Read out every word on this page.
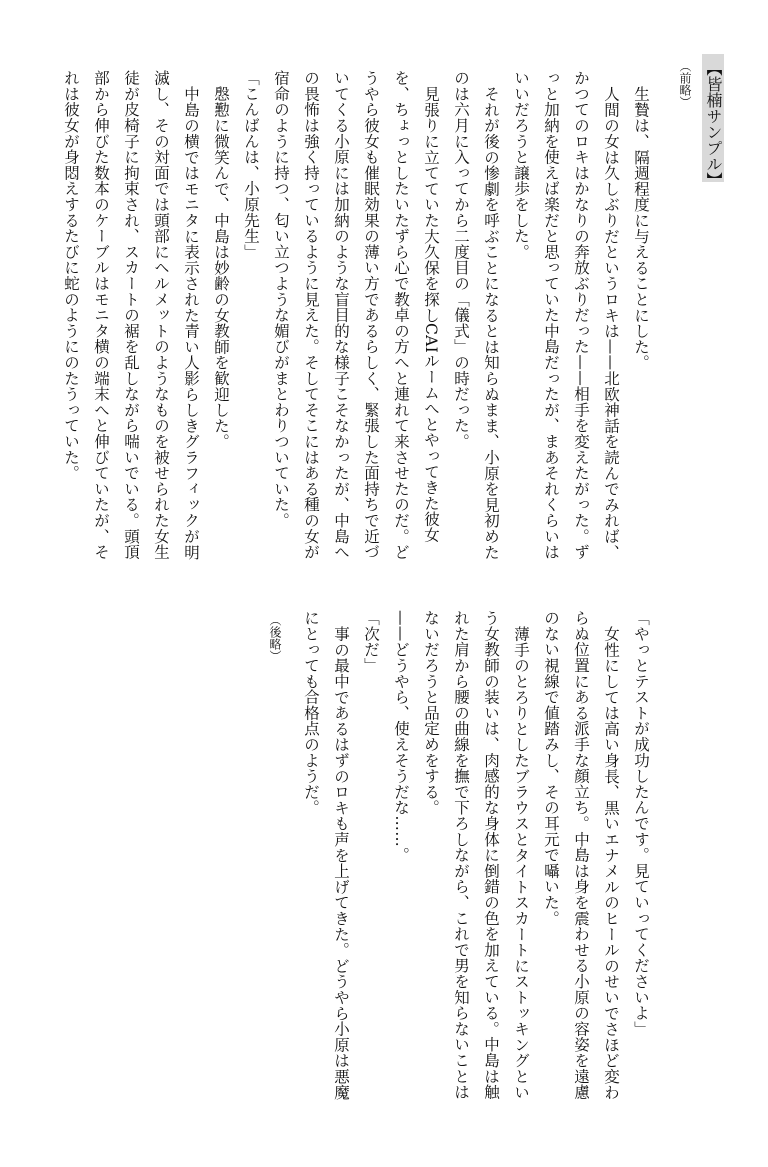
【皆楠サンプル】
（前略）

生贄は、隔週程度に与えることにした。

人間の女は久しぶりだというロキは——北欧神話を読んでみれば、かつてのロキはかなりの奔放ぶりだった——相手を変えたがった。ずっと加納を使えば楽だと思っていた中島だったが、まあそれくらいはいいだろうと譲歩をした。

それが後の惨劇を呼ぶことになるとは知らぬまま、小原を見初めたのは六月に入ってから二度目の「儀式」の時だった。

見張りに立てていた大久保を探しCAIルームへとやってきた彼女を、ちょっとしたいたずら心で教卓の方へと連れて来させたのだ。どうやら彼女も催眠効果の薄い方であるらしく、緊張した面持ちで近づいてくる小原には加納のような盲目的な様子こそなかったが、中島への畏怖は強く持っているように見えた。そしてそこにはある種の女が宿命のように持つ、匂い立つような媚びがまとわりついていた。

「こんばんは、小原先生」

慇懃に微笑んで、中島は妙齢の女教師を歓迎した。

中島の横ではモニタに表示された青い人影らしきグラフィックが明滅し、その対面では頭部にヘルメットのようなものを被せられた女生徒が皮椅子に拘束され、スカートの裾を乱しながら喘いでいる。頭頂部から伸びた数本のケーブルはモニタ横の端末へと伸びていたが、それは彼女が身悶えするたびに蛇のようにのたうっていた。

（後略）	「やっとテストが成功したんです。見ていってくださいよ」

女性にしては高い身長、黒いエナメルのヒールのせいでさほど変わらぬ位置にある派手な顔立ち。中島は身を震わせる小原の容姿を遠慮のない視線で値踏みし、その耳元で囁いた。

薄手のとろりとしたブラウスとタイトスカートにストッキングという女教師の装いは、肉感的な身体に倒錯の色を加えている。中島は触れた肩から腰の曲線を撫で下ろしながら、これで男を知らないことはないだろうと品定めをする。

——どうやら、使えそうだな……。

「次だ」

事の最中であるはずのロキも声を上げてきた。どうやら小原は悪魔にとっても合格点のようだ。
